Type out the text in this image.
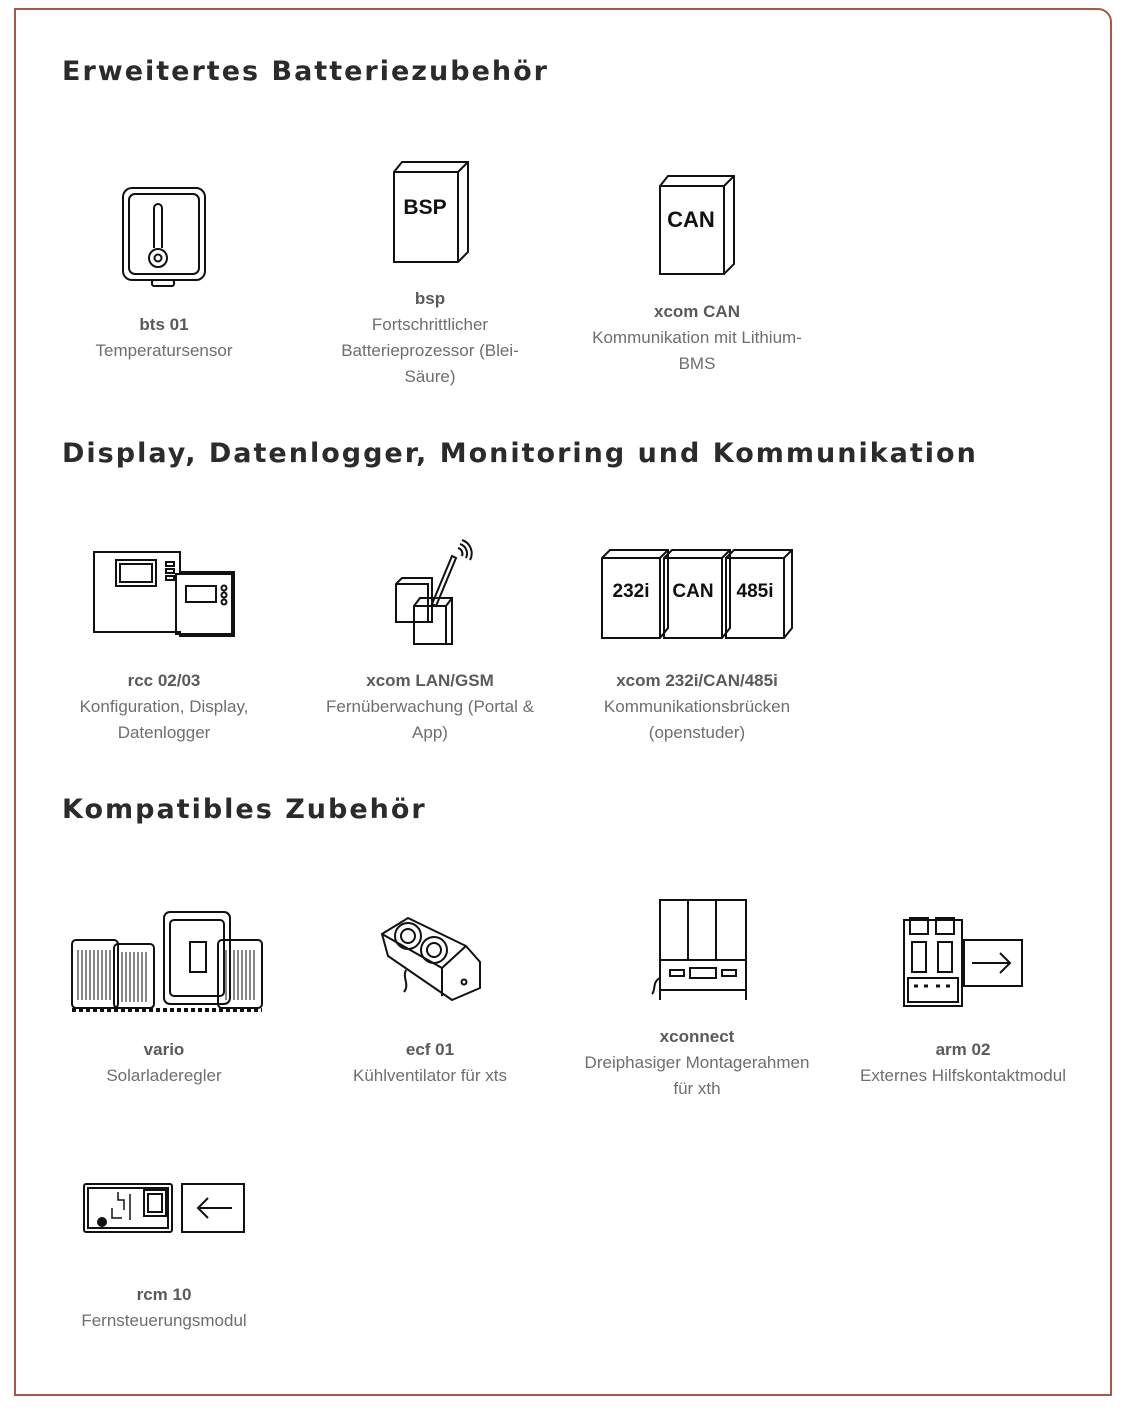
Erweitertes Batteriezubehör
Display, Datenlogger, Monitoring und Kommunikation
Kompatibles Zubehör
bts 01
Temperatursensor
BSP
bsp
Fortschrittlicher Batterieprozessor (Blei-Säure)
CAN
xcom CAN
Kommunikation mit Lithium-BMS
rcc 02/03
Konfiguration, Display, Datenlogger
xcom LAN/GSM
Fernüberwachung (Portal & App)
232i CAN 485i
xcom 232i/CAN/485i
Kommunikationsbrücken (openstuder)
vario
Solarladeregler
ecf 01
Kühlventilator für xts
xconnect
Dreiphasiger Montagerahmen für xth
arm 02
Externes Hilfskontaktmodul
rcm 10
Fernsteuerungsmodul
